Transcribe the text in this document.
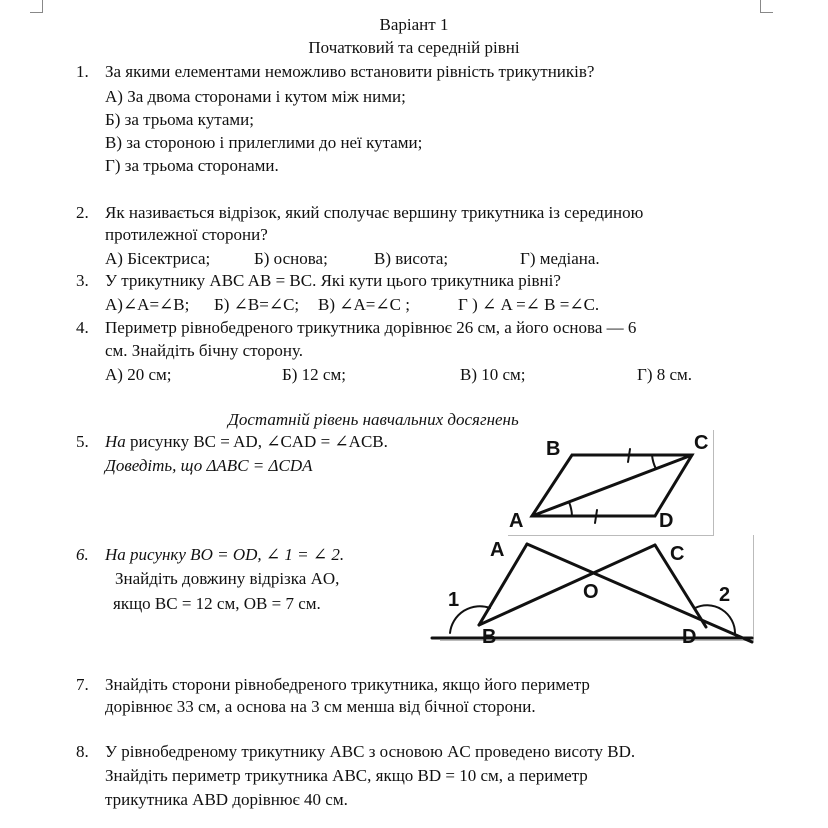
Варіант 1
Початковий та середній рівні
1. За якими елементами неможливо встановити рівність трикутників?
А) За двома сторонами і кутом між ними;
Б) за трьома кутами;
В) за стороною і прилеглими до неї кутами;
Г) за трьома сторонами.
2. Як називається відрізок, який сполучає вершину трикутника із серединою
протилежної сторони?
А) Бісектриса;	Б) основа;	В) висота;	Г) медіана.
3. У трикутнику ABC AB = BC. Які кути цього трикутника рівні?
А)∠A=∠B; Б) ∠B=∠C; В) ∠A=∠C ;	Г ) ∠ A =∠ B =∠C.
4. Периметр рівнобедреного трикутника дорівнює 26 см, а його основа — 6
см. Знайдіть бічну сторону.
А) 20 см;	Б) 12 см;	В) 10 см;	Г) 8 см.
Достатній рівень навчальних досягнень
5. На рисунку BC = AD, ∠CAD = ∠ACB.
Доведіть, що ΔABC = ΔCDA
B	C
A	D
6. На рисунку BO = OD, ∠ 1 = ∠ 2.
Знайдіть довжину відрізка AO,
якщо BC = 12 см, OB = 7 см.
A	C
O
B	D
1	2
7. Знайдіть сторони рівнобедреного трикутника, якщо його периметр
дорівнює 33 см, а основа на 3 см менша від бічної сторони.
8. У рівнобедреному трикутнику ABC з основою AC проведено висоту BD.
Знайдіть периметр трикутника ABC, якщо BD = 10 см, а периметр
трикутника ABD дорівнює 40 см.
